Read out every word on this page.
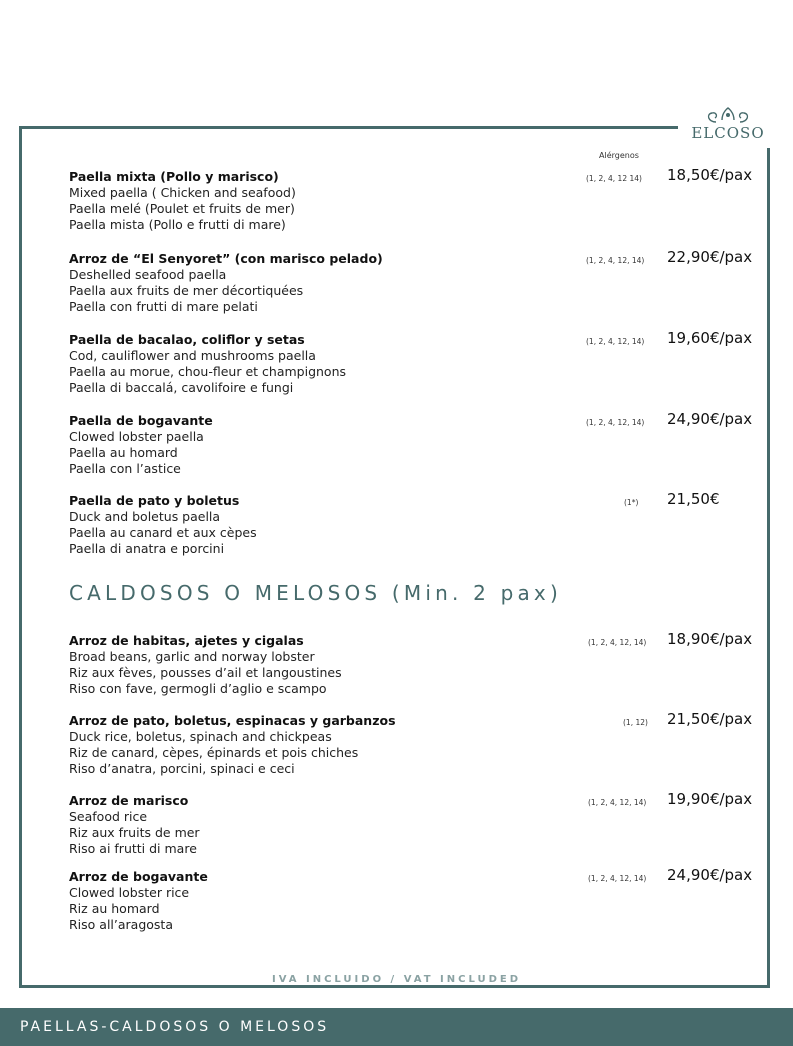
ELCOSO
Alérgenos
Paella mixta (Pollo y marisco)
Mixed paella ( Chicken and seafood)
Paella melé (Poulet et fruits de mer)
Paella mista (Pollo e frutti di mare)
(1, 2, 4, 12 14) 18,50€/pax
Arroz de “El Senyoret” (con marisco pelado)
Deshelled seafood paella
Paella aux fruits de mer décortiquées
Paella con frutti di mare pelati
(1, 2, 4, 12, 14) 22,90€/pax
Paella de bacalao, coliflor y setas
Cod, cauliflower and mushrooms paella
Paella au morue, chou-fleur et champignons
Paella di baccalá, cavolifoire e fungi
(1, 2, 4, 12, 14) 19,60€/pax
Paella de bogavante
Clowed lobster paella
Paella au homard
Paella con l’astice
(1, 2, 4, 12, 14) 24,90€/pax
Paella de pato y boletus
Duck and boletus paella
Paella au canard et aux cèpes
Paella di anatra e porcini
(1*) 21,50€
CALDOSOS O MELOSOS (Min. 2 pax)
Arroz de habitas, ajetes y cigalas
Broad beans, garlic and norway lobster
Riz aux fèves, pousses d’ail et langoustines
Riso con fave, germogli d’aglio e scampo
(1, 2, 4, 12, 14) 18,90€/pax
Arroz de pato, boletus, espinacas y garbanzos
Duck rice, boletus, spinach and chickpeas
Riz de canard, cèpes, épinards et pois chiches
Riso d’anatra, porcini, spinaci e ceci
(1, 12) 21,50€/pax
Arroz de marisco
Seafood rice
Riz aux fruits de mer
Riso ai frutti di mare
(1, 2, 4, 12, 14) 19,90€/pax
Arroz de bogavante
Clowed lobster rice
Riz au homard
Riso all’aragosta
(1, 2, 4, 12, 14) 24,90€/pax
IVA INCLUIDO / VAT INCLUDED
PAELLAS-CALDOSOS O MELOSOS
